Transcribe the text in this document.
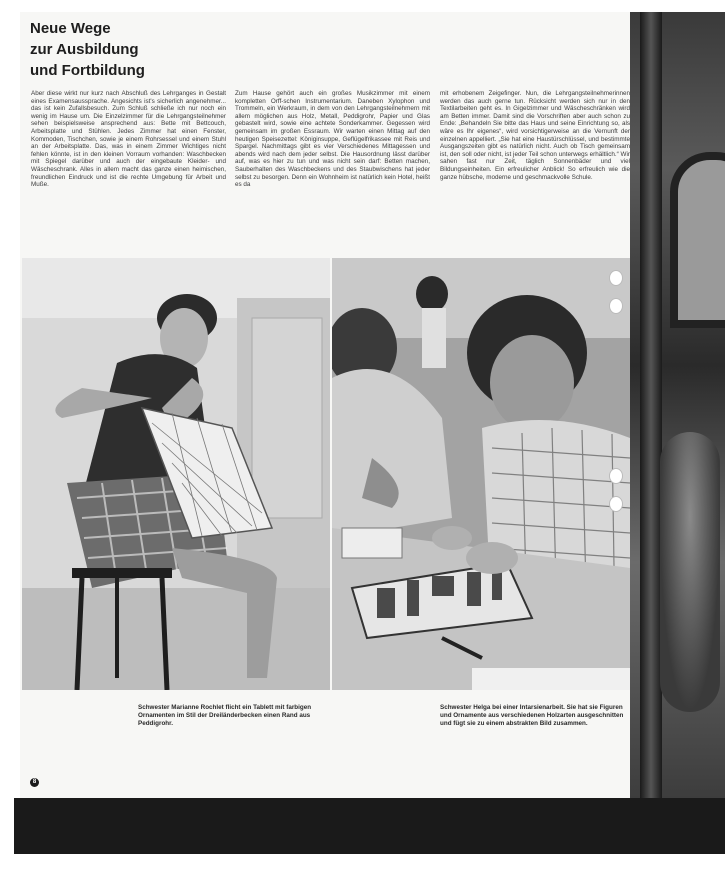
Neue Wege
zur Ausbildung
und Fortbildung
Aber diese wirkt nur kurz nach Abschluß des Lehrganges in Gestalt eines Examensaussprache. Angesichts ist's sicherlich angenehmer... das ist kein Zufallsbesuch. Zum Schluß schließe ich nur noch ein wenig im Hause um. Die Einzelzimmer für die Lehrgangsteilnehmer sehen beispielsweise ansprechend aus: Bette mit Bettcouch, Arbeitsplatte und Stühlen. Jedes Zimmer hat einen Fenster, Kommoden, Tischchen, sowie je einem Rohrsessel und einem Stuhl an der Arbeitsplatte. Das, was in einem Zimmer Wichtiges nicht fehlen könnte, ist in den kleinen Vorraum vorhanden: Waschbecken mit Spiegel darüber und auch der eingebaute Kleider- und Wäscheschrank. Alles in allem macht das ganze einen heimischen, freundlichen Eindruck und ist die rechte Umgebung für Arbeit und Muße.
Zum Hause gehört auch ein großes Musikzimmer mit einem kompletten Orff-schen Instrumentarium. Daneben Xylophon und Trommeln, ein Werkraum, in dem von den Lehrgangsteilnehmern mit allem möglichen aus Holz, Metall, Peddigrohr, Papier und Glas gebastelt wird, sowie eine achtete Sonderkammer. Gegessen wird gemeinsam im großen Essraum. Wir warten einen Mittag auf den heutigen Speisezettel: Königinsuppe, Geflügelfrikassee mit Reis und Spargel. Nachmittags gibt es vier Verschiedenes Mittagessen und abends wird nach dem jeder selbst. Die Hausordnung lässt darüber auf, was es hier zu tun und was nicht sein darf: Betten machen, Sauberhalten des Waschbeckens und des Staubwischens hat jeder selbst zu besorgen. Denn ein Wohnheim ist natürlich kein Hotel, heißt es da
mit erhobenem Zeigefinger. Nun, die Lehrgangsteilnehmerinnen werden das auch gerne tun. Rücksicht werden sich nur in den Textilarbeiten geht es. In Gigelzimmer und Wäscheschränken wird am Betten immer. Damit sind die Vorschriften aber auch schon zu Ende: „Behandeln Sie bitte das Haus und seine Einrichtung so, als wäre es Ihr eigenes“, wird vorsichtigerweise an die Vernunft der einzelnen appelliert. „Sie hat eine Haustürschlüssel, und bestimmte Ausgangszeiten gibt es natürlich nicht. Auch ob Tisch gemeinsam ist, den soll oder nicht, ist jeder Teil schon unterwegs erhältlich.“ Wir sahen fast nur Zeit, täglich Sonnenbäder und viel Bildungseinheiten. Ein erfreulicher Anblick! So erfreulich wie die ganze hübsche, moderne und geschmackvolle Schule.
Schwester Marianne Rochlet flicht ein Tablett mit farbigen Ornamenten im Stil der Dreiländerbecken einen Rand aus Peddigrohr.
Schwester Helga bei einer Intarsienarbeit. Sie hat sie Figuren und Ornamente aus verschiedenen Holzarten ausgeschnitten und fügt sie zu einem abstrakten Bild zusammen.
8
